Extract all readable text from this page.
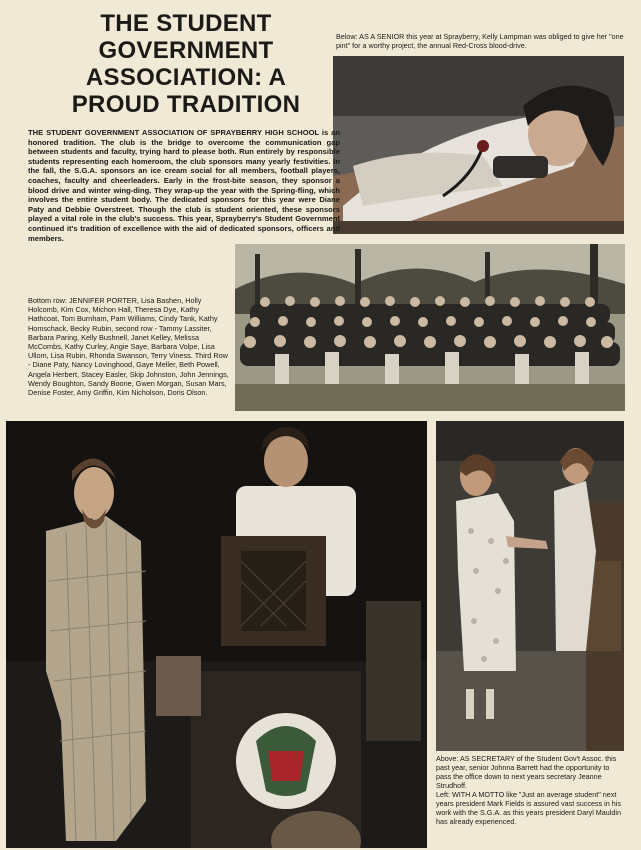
THE STUDENT
GOVERNMENT
ASSOCIATION: A
PROUD TRADITION
Below: AS A SENIOR this year at Sprayberry, Kelly Lampman was obliged to give her "one pint" for a worthy project, the annual Red-Cross blood-drive.
THE STUDENT GOVERNMENT ASSOCIATION OF SPRAYBERRY HIGH SCHOOL is an honored tradition. The club is the bridge to overcome the communication gap between students and faculty, trying hard to please both. Run entirely by responsible students representing each homeroom, the club sponsors many yearly festivities. In the fall, the S.G.A. sponsors an ice cream social for all members, football players, coaches, faculty and cheerleaders. Early in the frost-bite season, they sponsor a blood drive and winter wing-ding. They wrap-up the year with the Spring-fling, which involves the entire student body. The dedicated sponsors for this year were Diane Paty and Debbie Overstreet. Though the club is student oriented, these sponsors played a vital role in the club's success. This year, Sprayberry's Student Government continued it's tradition of excellence with the aid of dedicated sponsors, officers and members.
Bottom row: JENNIFER PORTER, Lisa Bashen, Holly Holcomb, Kim Cox, Michon Hall, Theresa Dye, Kathy Hathcoat, Tom Burnham, Pam Williams, Cindy Tank, Kathy Homschack, Becky Rubin, second row - Tammy Lassiter, Barbara Paring, Kelly Bushnell, Janet Kelley, Melissa McCombs, Kathy Curley, Angie Saye, Barbara Volpe, Lisa Ullom, Lisa Rubin, Rhonda Swanson, Terry Viness. Third Row - Diane Paty, Nancy Lovinghood, Gaye Meller, Beth Powell, Angela Herbert, Stacey Easler, Skip Johnston, John Jennings, Wendy Boughton, Sandy Boone, Gwen Morgan, Susan Mars, Denise Foster, Amy Griffin, Kim Nicholson, Doris Olson.
Above: AS SECRETARY of the Student Gov't Assoc. this past year, senior Johnna Barrett had the opportunity to pass the office down to next years secretary Jeanne Strudhoff.
Left: WITH A MOTTO like "Just an average student" next years president Mark Fields is assured vast success in his work with the S.G.A. as this years president Daryl Mauldin has already experienced.
